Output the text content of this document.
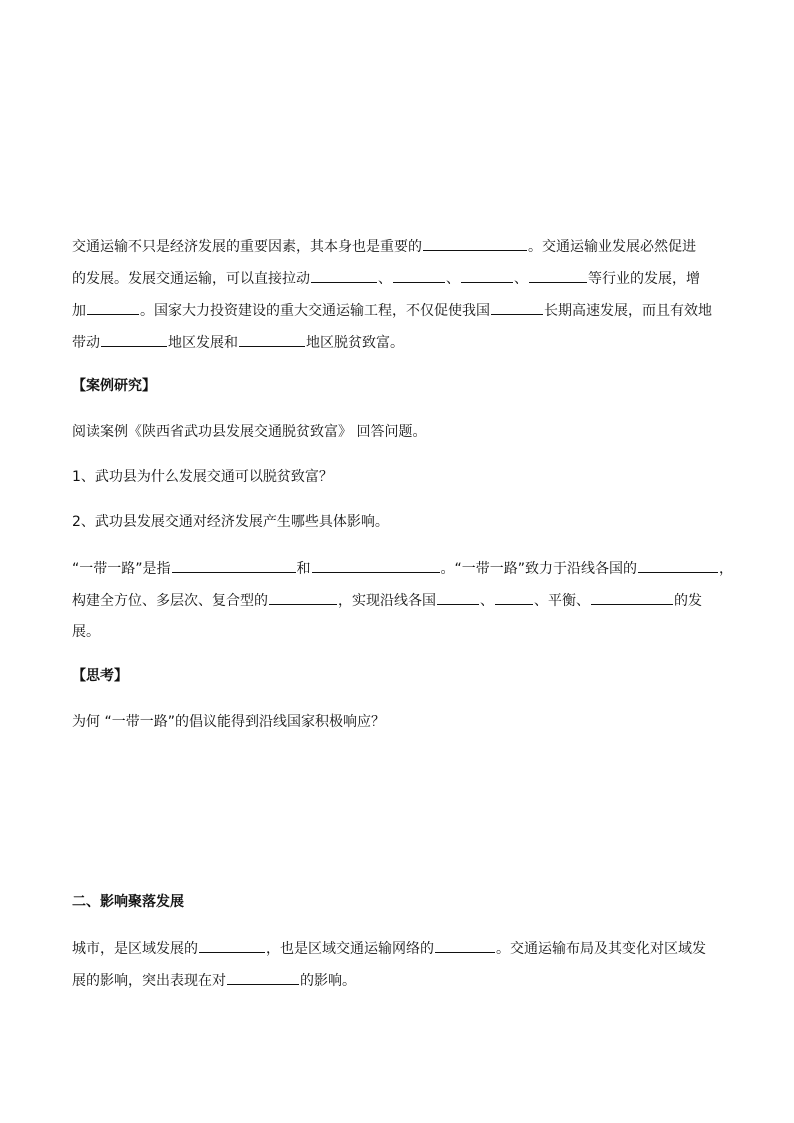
交通运输不只是经济发展的重要因素，其本身也是重要的	。交通运输业发展必然促进
的发展。发展交通运输，可以直接拉动	、	、	、	等行业的发展，增
加	。国家大力投资建设的重大交通运输工程，不仅促使我国	长期高速发展，而且有效地
带动	地区发展和	地区脱贫致富。
【案例研究】
阅读案例《陕西省武功县发展交通脱贫致富》 回答问题。
1、武功县为什么发展交通可以脱贫致富？
2、武功县发展交通对经济发展产生哪些具体影响。
“一带一路”是指	和	。“一带一路”致力于沿线各国的	，
构建全方位、多层次、复合型的	，实现沿线各国	、	、平衡、	的发
展。
【思考】
为何 “一带一路”的倡议能得到沿线国家积极响应？
二、影响聚落发展
城市，是区域发展的	，也是区域交通运输网络的	。交通运输布局及其变化对区域发
展的影响，突出表现在对	的影响。
